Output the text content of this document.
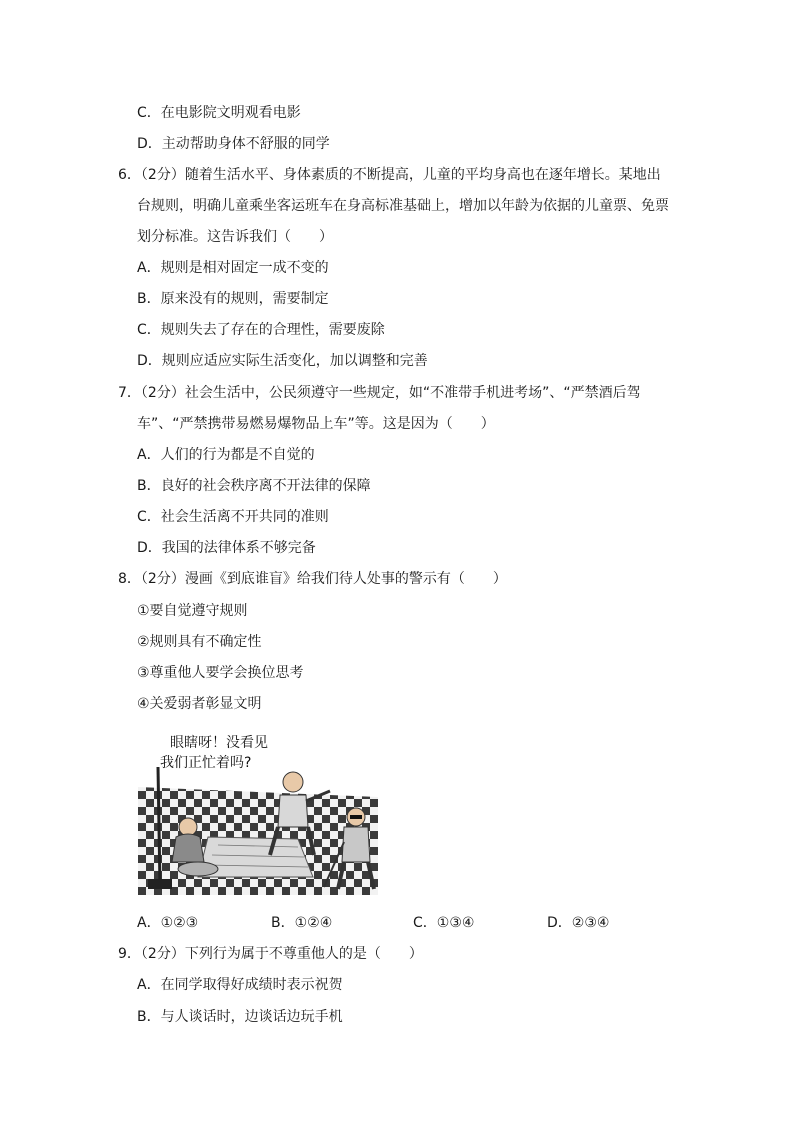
C．在电影院文明观看电影
D．主动帮助身体不舒服的同学
6．（2分）随着生活水平、身体素质的不断提高，儿童的平均身高也在逐年增长。某地出
台规则，明确儿童乘坐客运班车在身高标准基础上，增加以年龄为依据的儿童票、免票
划分标准。这告诉我们（　　）
A．规则是相对固定一成不变的
B．原来没有的规则，需要制定
C．规则失去了存在的合理性，需要废除
D．规则应适应实际生活变化，加以调整和完善
7．（2分）社会生活中，公民须遵守一些规定，如“不准带手机进考场”、“严禁酒后驾
车”、“严禁携带易燃易爆物品上车”等。这是因为（　　）
A．人们的行为都是不自觉的
B．良好的社会秩序离不开法律的保障
C．社会生活离不开共同的准则
D．我国的法律体系不够完备
8．（2分）漫画《到底谁盲》给我们待人处事的警示有（　　）
①要自觉遵守规则
②规则具有不确定性
③尊重他人要学会换位思考
④关爱弱者彰显文明
眼瞎呀！没看见
我们正忙着吗?
A．①②③	B．①②④	C．①③④	D．②③④
9．（2分）下列行为属于不尊重他人的是（　　）
A．在同学取得好成绩时表示祝贺
B．与人谈话时，边谈话边玩手机
